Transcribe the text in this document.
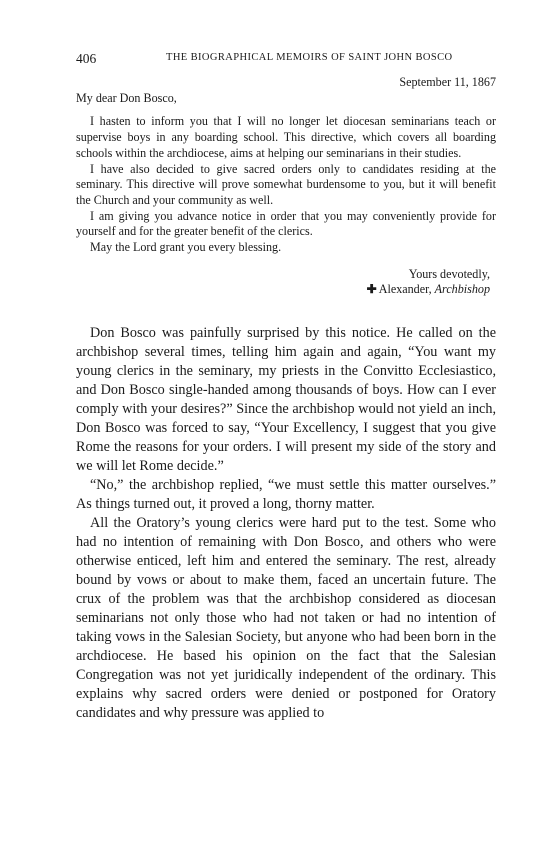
406	THE BIOGRAPHICAL MEMOIRS OF SAINT JOHN BOSCO
September 11, 1867
My dear Don Bosco,

I hasten to inform you that I will no longer let diocesan seminarians teach or supervise boys in any boarding school. This directive, which covers all boarding schools within the archdiocese, aims at helping our seminarians in their studies.

I have also decided to give sacred orders only to candidates residing at the seminary. This directive will prove somewhat burdensome to you, but it will benefit the Church and your community as well.

I am giving you advance notice in order that you may conveniently provide for yourself and for the greater benefit of the clerics.

May the Lord grant you every blessing.

Yours devotedly,
✚ Alexander, Archbishop

Don Bosco was painfully surprised by this notice. He called on the archbishop several times, telling him again and again, “You want my young clerics in the seminary, my priests in the Convitto Ecclesiastico, and Don Bosco single-handed among thousands of boys. How can I ever comply with your desires?” Since the archbishop would not yield an inch, Don Bosco was forced to say, “Your Excellency, I suggest that you give Rome the reasons for your orders. I will present my side of the story and we will let Rome decide.”

“No,” the archbishop replied, “we must settle this matter ourselves.” As things turned out, it proved a long, thorny matter.

All the Oratory’s young clerics were hard put to the test. Some who had no intention of remaining with Don Bosco, and others who were otherwise enticed, left him and entered the seminary. The rest, already bound by vows or about to make them, faced an uncertain future. The crux of the problem was that the archbishop considered as diocesan seminarians not only those who had not taken or had no intention of taking vows in the Salesian Society, but anyone who had been born in the archdiocese. He based his opinion on the fact that the Salesian Congregation was not yet juridically independent of the ordinary. This explains why sacred orders were denied or postponed for Oratory candidates and why pressure was applied to
